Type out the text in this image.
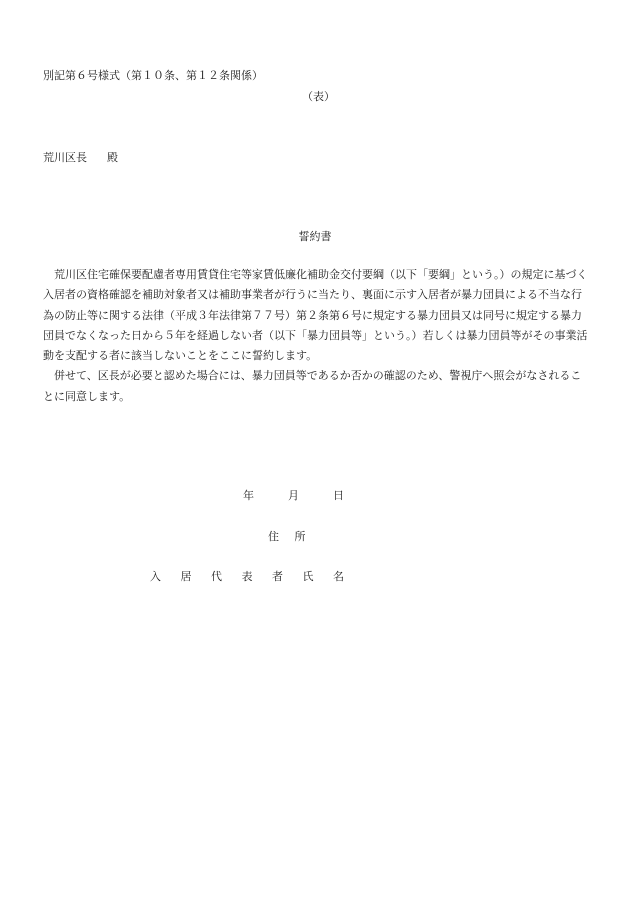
別記第６号様式（第１０条、第１２条関係）
（表）
荒川区長 殿
誓約書

荒川区住宅確保要配慮者専用賃貸住宅等家賃低廉化補助金交付要綱（以下「要綱」という。）の規定に基づく入居者の資格確認を補助対象者又は補助事業者が行うに当たり、裏面に示す入居者が暴力団員による不当な行為の防止等に関する法律（平成３年法律第７７号）第２条第６号に規定する暴力団員又は同号に規定する暴力団員でなくなった日から５年を経過しない者（以下「暴力団員等」という。）若しくは暴力団員等がその事業活動を支配する者に該当しないことをここに誓約します。

併せて、区長が必要と認めた場合には、暴力団員等であるか否かの確認のため、警視庁へ照会がなされることに同意します。

年	月	日
住 所
入 居 代 表 者 氏 名
